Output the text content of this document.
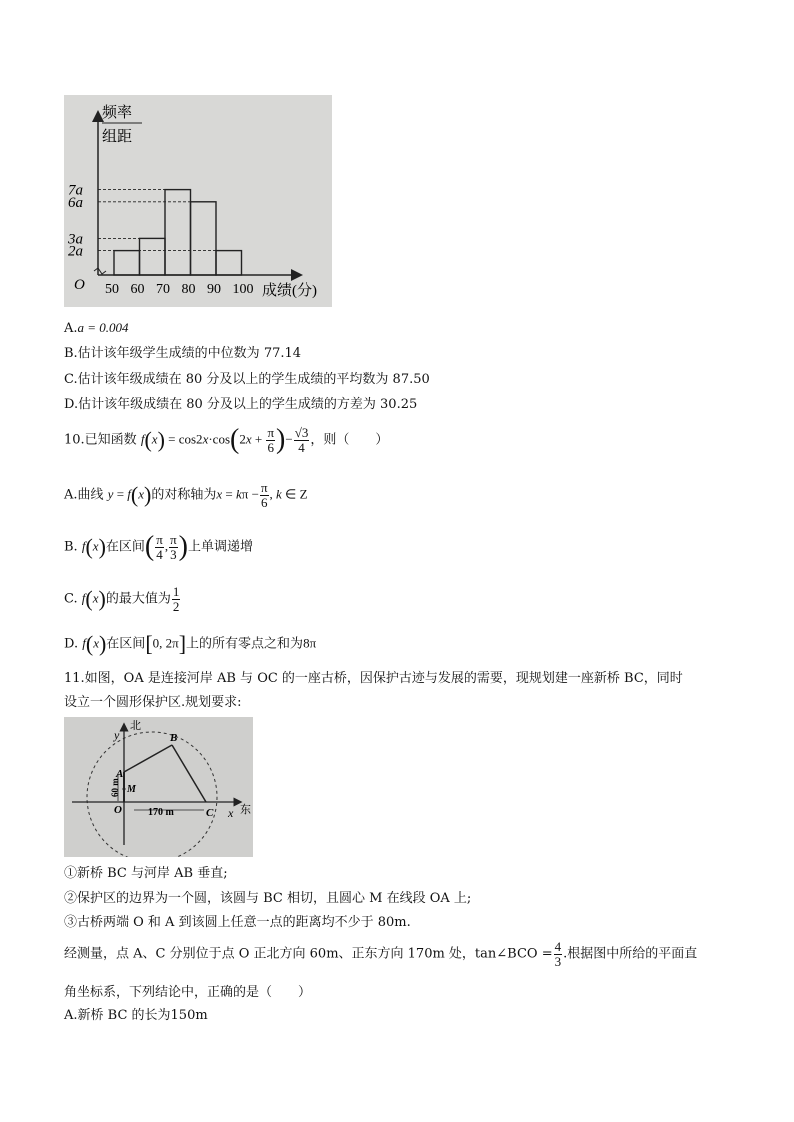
7a
6a
3a
2a
50 60 70 80 90 100
O	成绩(分)
频率
组距
A.a = 0.004
B.估计该年级学生成绩的中位数为 77.14
C.估计该年级成绩在 80 分及以上的学生成绩的平均数为 87.50
D.估计该年级成绩在 80 分及以上的学生成绩的方差为 30.25
10.已知函数 $f(x) = \cos 2x\cdot\cos(2x + \frac{\pi}{6}$ )− $\frac{√3}{4}$ ，则（　　）
A.曲线 y = f(x)的对称轴为$x = k\pi - \frac{\pi}{6}$ , k ∈ Z
B. f(x)在区间( $\frac{\pi}{4}$ , $\frac{\pi}{3}$ )上单调递增
C. f(x)的最大值为 $\frac{1}{2}$
D. f(x)在区间[0, 2π]上的所有零点之和为8π
11.如图，OA 是连接河岸 AB 与 OC 的一座古桥，因保护古迹与发展的需要，现规划建一座新桥 BC，同时
设立一个圆形保护区.规划要求:
北
y
东
x
O
A
B
C
M
60 m
170 m
①新桥 BC 与河岸 AB 垂直;
②保护区的边界为一个圆，该圆与 BC 相切，且圆心 M 在线段 OA 上;
③古桥两端 O 和 A 到该圆上任意一点的距离均不少于 80m.
经测量，点 A、C 分别位于点 O 正北方向 60m、正东方向 170m 处，tan∠BCO = $\frac{4}{3}$ .根据图中所给的平面直
角坐标系，下列结论中，正确的是（　　）
A.新桥 BC 的长为150m
